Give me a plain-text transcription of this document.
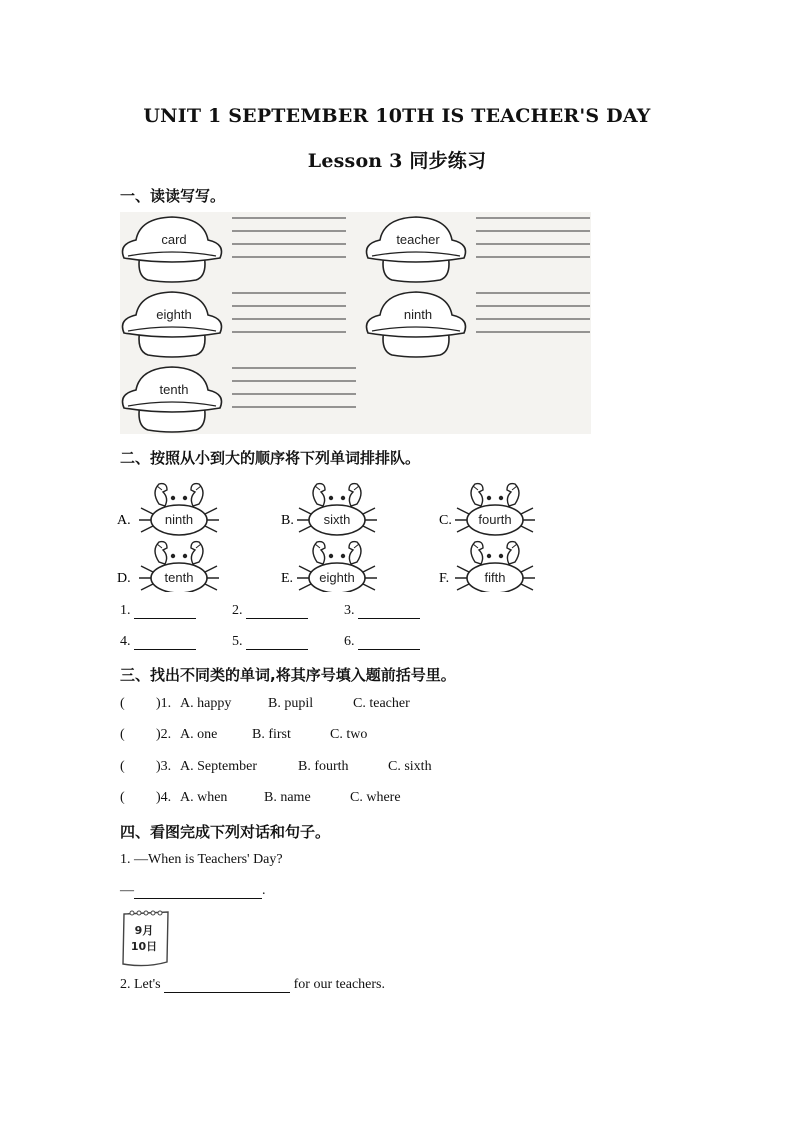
UNIT 1 SEPTEMBER 10TH IS TEACHER'S DAY
Lesson 3 同步练习
一、读读写写。
card	teacher
eighth	ninth
tenth
二、按照从小到大的顺序将下列单词排排队。
A.	ninth	B. sixth	C. fourth
D.	tenth	E. eighth	F.	fifth
1.	2.	3.
4.	5.	6.
三、找出不同类的单词,将其序号填入题前括号里。
( )1. A. happy	B. pupil	C. teacher
( )2. A. one B. first	C. two
( )3. A. September	B. fourth	C. sixth
( )4. A. when	B. name	C. where
四、看图完成下列对话和句子。
1. —When is Teachers' Day?
—	.
9月
10日
2. Let's	for our teachers.
